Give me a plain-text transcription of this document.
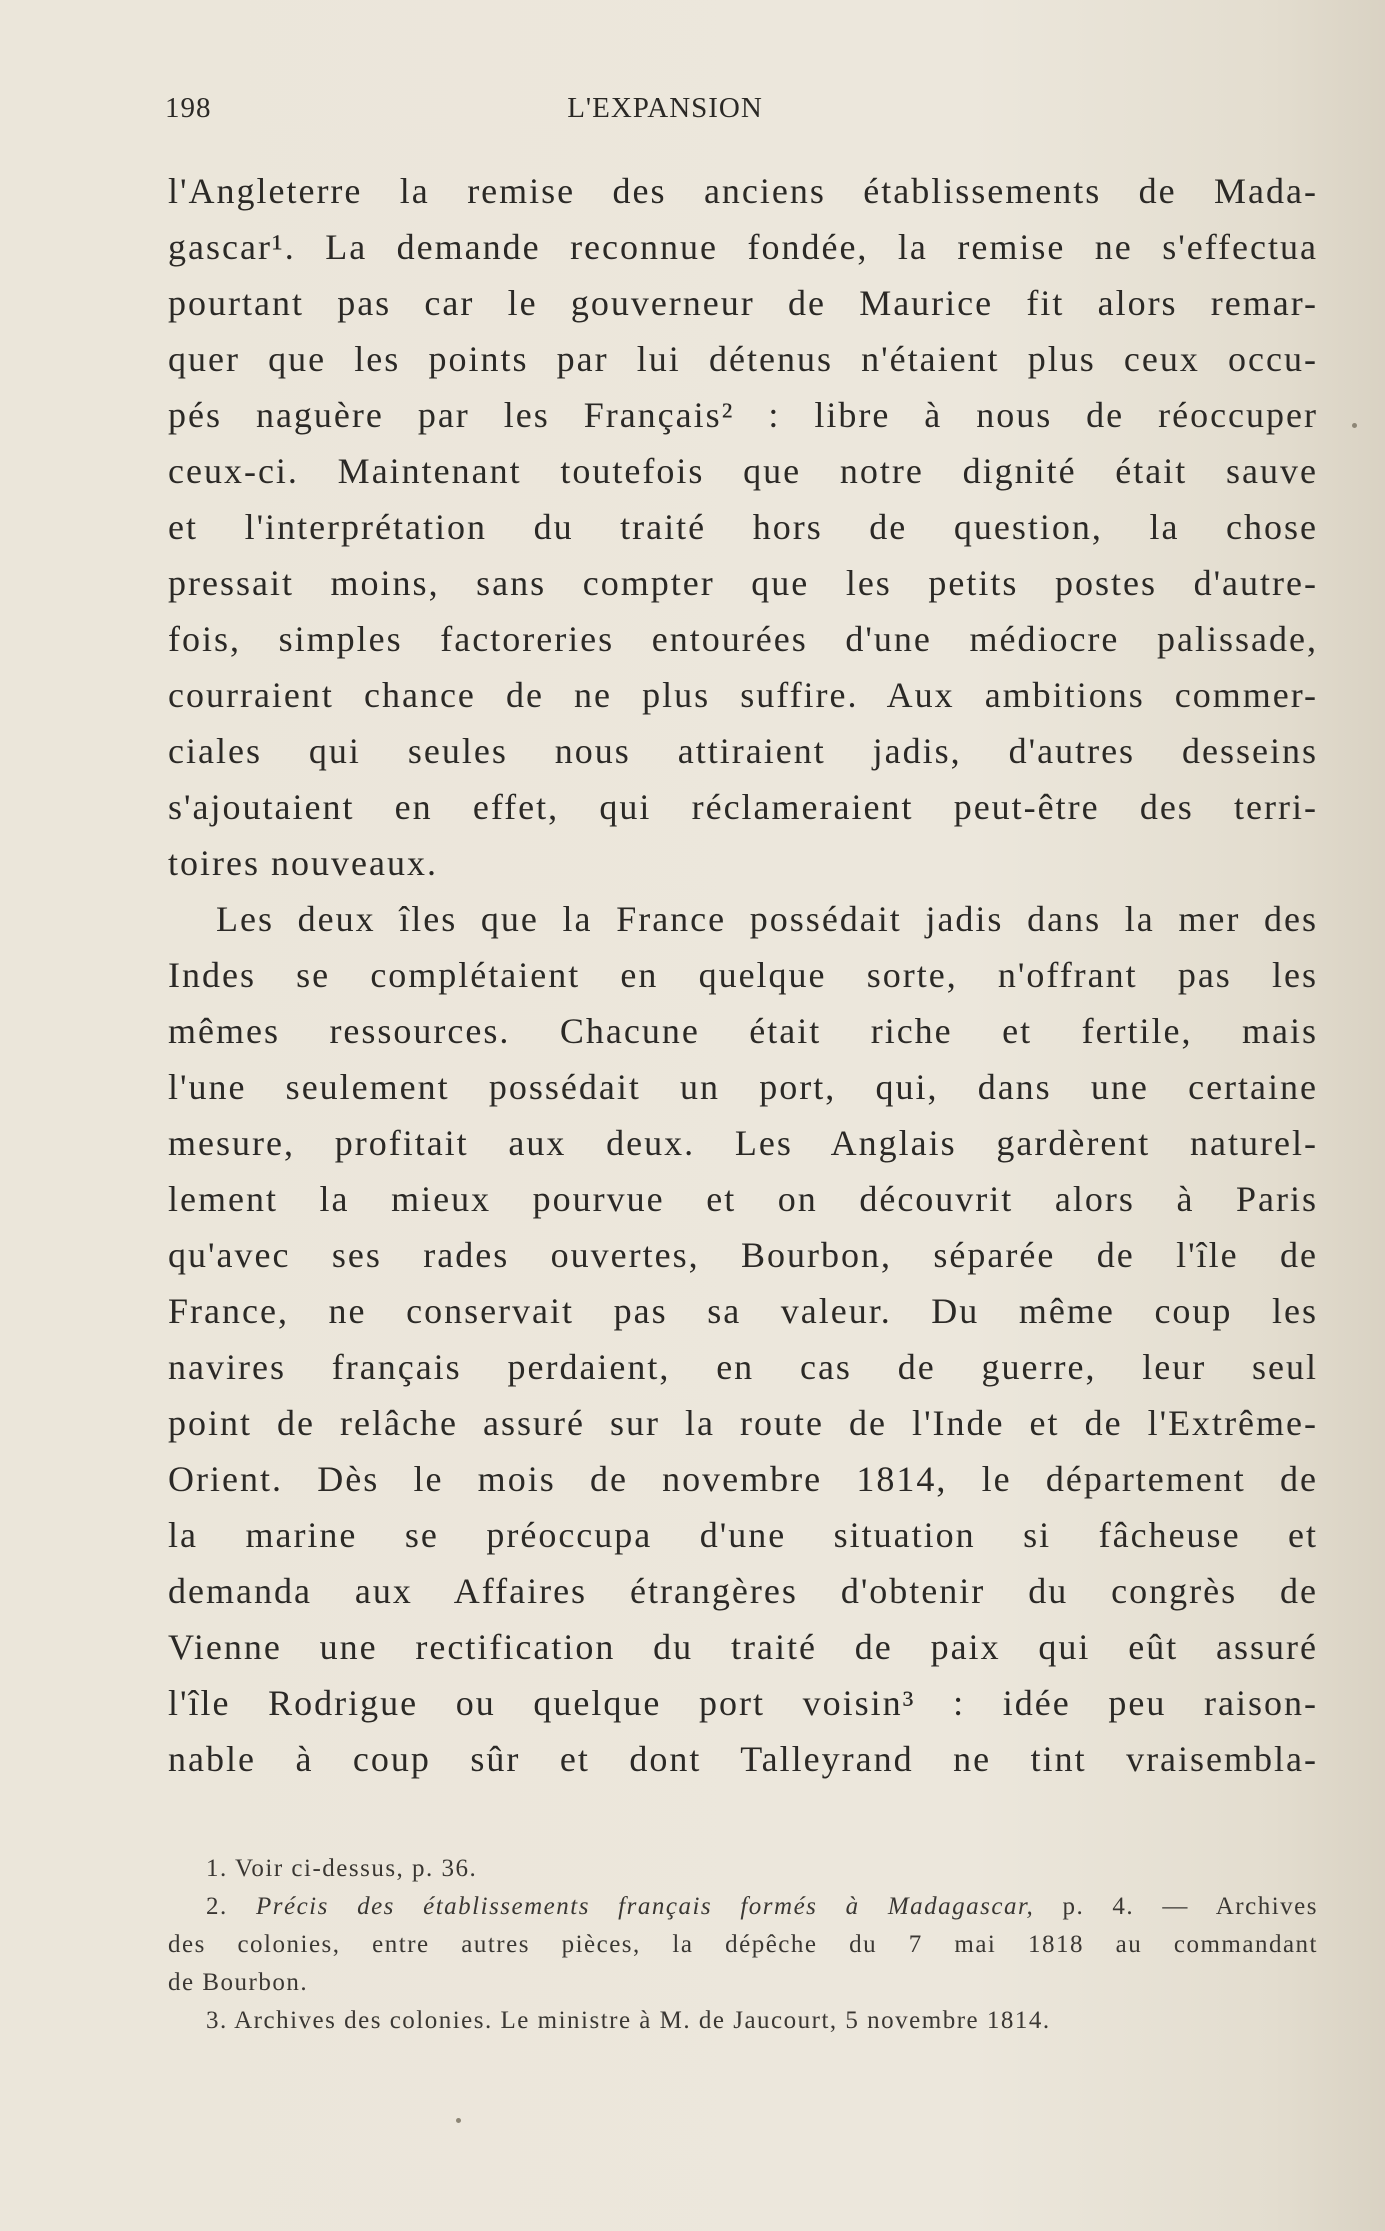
198	L'EXPANSION
l'Angleterre la remise des anciens établissements de Mada-
gascar¹. La demande reconnue fondée, la remise ne s'effectua
pourtant pas car le gouverneur de Maurice fit alors remar-
quer que les points par lui détenus n'étaient plus ceux occu-
pés naguère par les Français² : libre à nous de réoccuper
ceux-ci. Maintenant toutefois que notre dignité était sauve
et l'interprétation du traité hors de question, la chose
pressait moins, sans compter que les petits postes d'autre-
fois, simples factoreries entourées d'une médiocre palissade,
courraient chance de ne plus suffire. Aux ambitions commer-
ciales qui seules nous attiraient jadis, d'autres desseins
s'ajoutaient en effet, qui réclameraient peut-être des terri-
toires nouveaux.
Les deux îles que la France possédait jadis dans la mer des
Indes se complétaient en quelque sorte, n'offrant pas les
mêmes ressources. Chacune était riche et fertile, mais
l'une seulement possédait un port, qui, dans une certaine
mesure, profitait aux deux. Les Anglais gardèrent naturel-
lement la mieux pourvue et on découvrit alors à Paris
qu'avec ses rades ouvertes, Bourbon, séparée de l'île de
France, ne conservait pas sa valeur. Du même coup les
navires français perdaient, en cas de guerre, leur seul
point de relâche assuré sur la route de l'Inde et de l'Extrême-
Orient. Dès le mois de novembre 1814, le département de
la marine se préoccupa d'une situation si fâcheuse et
demanda aux Affaires étrangères d'obtenir du congrès de
Vienne une rectification du traité de paix qui eût assuré
l'île Rodrigue ou quelque port voisin³ : idée peu raison-
nable à coup sûr et dont Talleyrand ne tint vraisembla-
1. Voir ci-dessus, p. 36.
2. Précis des établissements français formés à Madagascar, p. 4. — Archives
des colonies, entre autres pièces, la dépêche du 7 mai 1818 au commandant
de Bourbon.
3. Archives des colonies. Le ministre à M. de Jaucourt, 5 novembre 1814.
